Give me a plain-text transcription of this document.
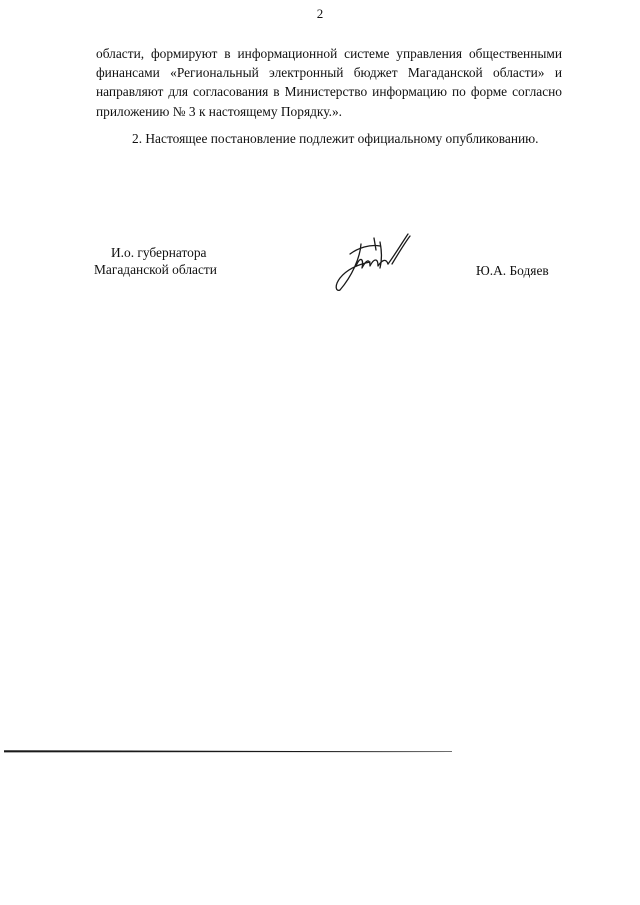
2

области, формируют в информационной системе управления общественными финансами «Региональный электронный бюджет Магаданской области» и направляют для согласования в Министерство информацию по форме согласно приложению № 3 к настоящему Порядку.».

2. Настоящее постановление подлежит официальному опубликованию.

И.о. губернатора
Магаданской области	Ю.А. Бодяев
